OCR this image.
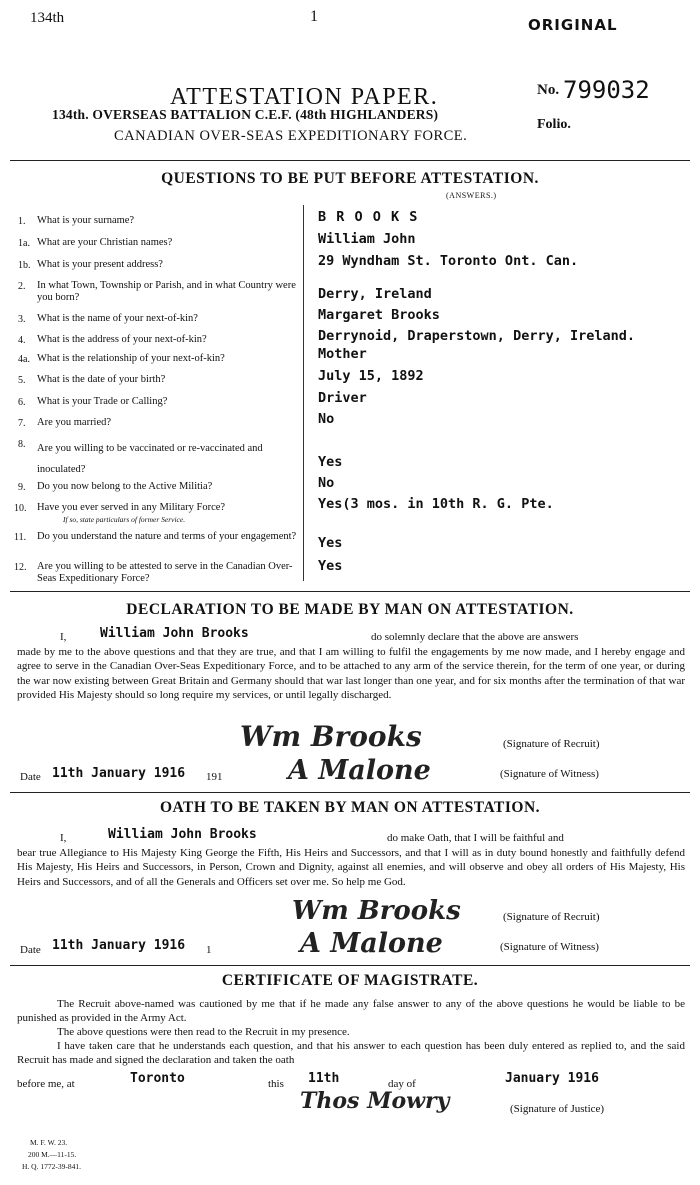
134th	1	ORIGINAL
ATTESTATION PAPER.	No. 799032
134th. OVERSEAS BATTALION C.E.F. (48th HIGHLANDERS)
CANADIAN OVER-SEAS EXPEDITIONARY FORCE.
Folio.
QUESTIONS TO BE PUT BEFORE ATTESTATION.
(ANSWERS.)
1. What is your surname?	B R O O K S
1a. What are your Christian names?	William John
1b. What is your present address?	29 Wyndham St. Toronto Ont. Can.
2. In what Town, Township or Parish, and in what Country were you born?	Derry, Ireland
3. What is the name of your next-of-kin?	Margaret Brooks
4. What is the address of your next-of-kin?	Derrynoid, Draperstown, Derry, Ireland.
4a. What is the relationship of your next-of-kin?	Mother
5. What is the date of your birth?	July 15, 1892
6. What is your Trade or Calling?	Driver
7. Are you married?	No
8. Are you willing to be vaccinated or re-vaccinated and inoculated?	Yes
9. Do you now belong to the Active Militia?	No
10. Have you ever served in any Military Force?
If so, state particulars of former Service.
Yes(3 mos. in 10th R. G. Pte.
11. Do you understand the nature and terms of your engagement? Yes
12. Are you willing to be attested to serve in the Canadian Over-Seas Expeditionary Force?
Yes
DECLARATION TO BE MADE BY MAN ON ATTESTATION.
I,	William John Brooks	do solemnly declare that the above are answers
made by me to the above questions and that they are true, and that I am willing to fulfil the engagements by me now made, and I hereby engage and agree to serve in the Canadian Over-Seas Expeditionary Force, and to be attached to any arm of the service therein, for the term of one year, or during the war now existing between Great Britain and Germany should that war last longer than one year, and for six months after the termination of that war provided His Majesty should so long require my services, or until legally discharged.
Wm Brooks	(Signature of Recruit)
Date 11th January 1916 191 A Malone	(Signature of Witness)
OATH TO BE TAKEN BY MAN ON ATTESTATION.
I,	William John Brooks	do make Oath, that I will be faithful and
bear true Allegiance to His Majesty King George the Fifth, His Heirs and Successors, and that I will as in duty bound honestly and faithfully defend His Majesty, His Heirs and Successors, in Person, Crown and Dignity, against all enemies, and will observe and obey all orders of His Majesty, His Heirs and Successors, and of all the Generals and Officers set over me. So help me God.
Wm Brooks	(Signature of Recruit)
Date 11th January 1916 1	A Malone	(Signature of Witness)
CERTIFICATE OF MAGISTRATE.
The Recruit above-named was cautioned by me that if he made any false answer to any of the above questions he would be liable to be punished as provided in the Army Act.
The above questions were then read to the Recruit in my presence.
I have taken care that he understands each question, and that his answer to each question has been duly entered as replied to, and the said Recruit has made and signed the declaration and taken the oath
before me, at	Toronto	this 11th	day of	January 1916
Thos Mowry	(Signature of Justice)
M. F. W. 23.
200 M.—11-15.
H. Q. 1772-39-841.
